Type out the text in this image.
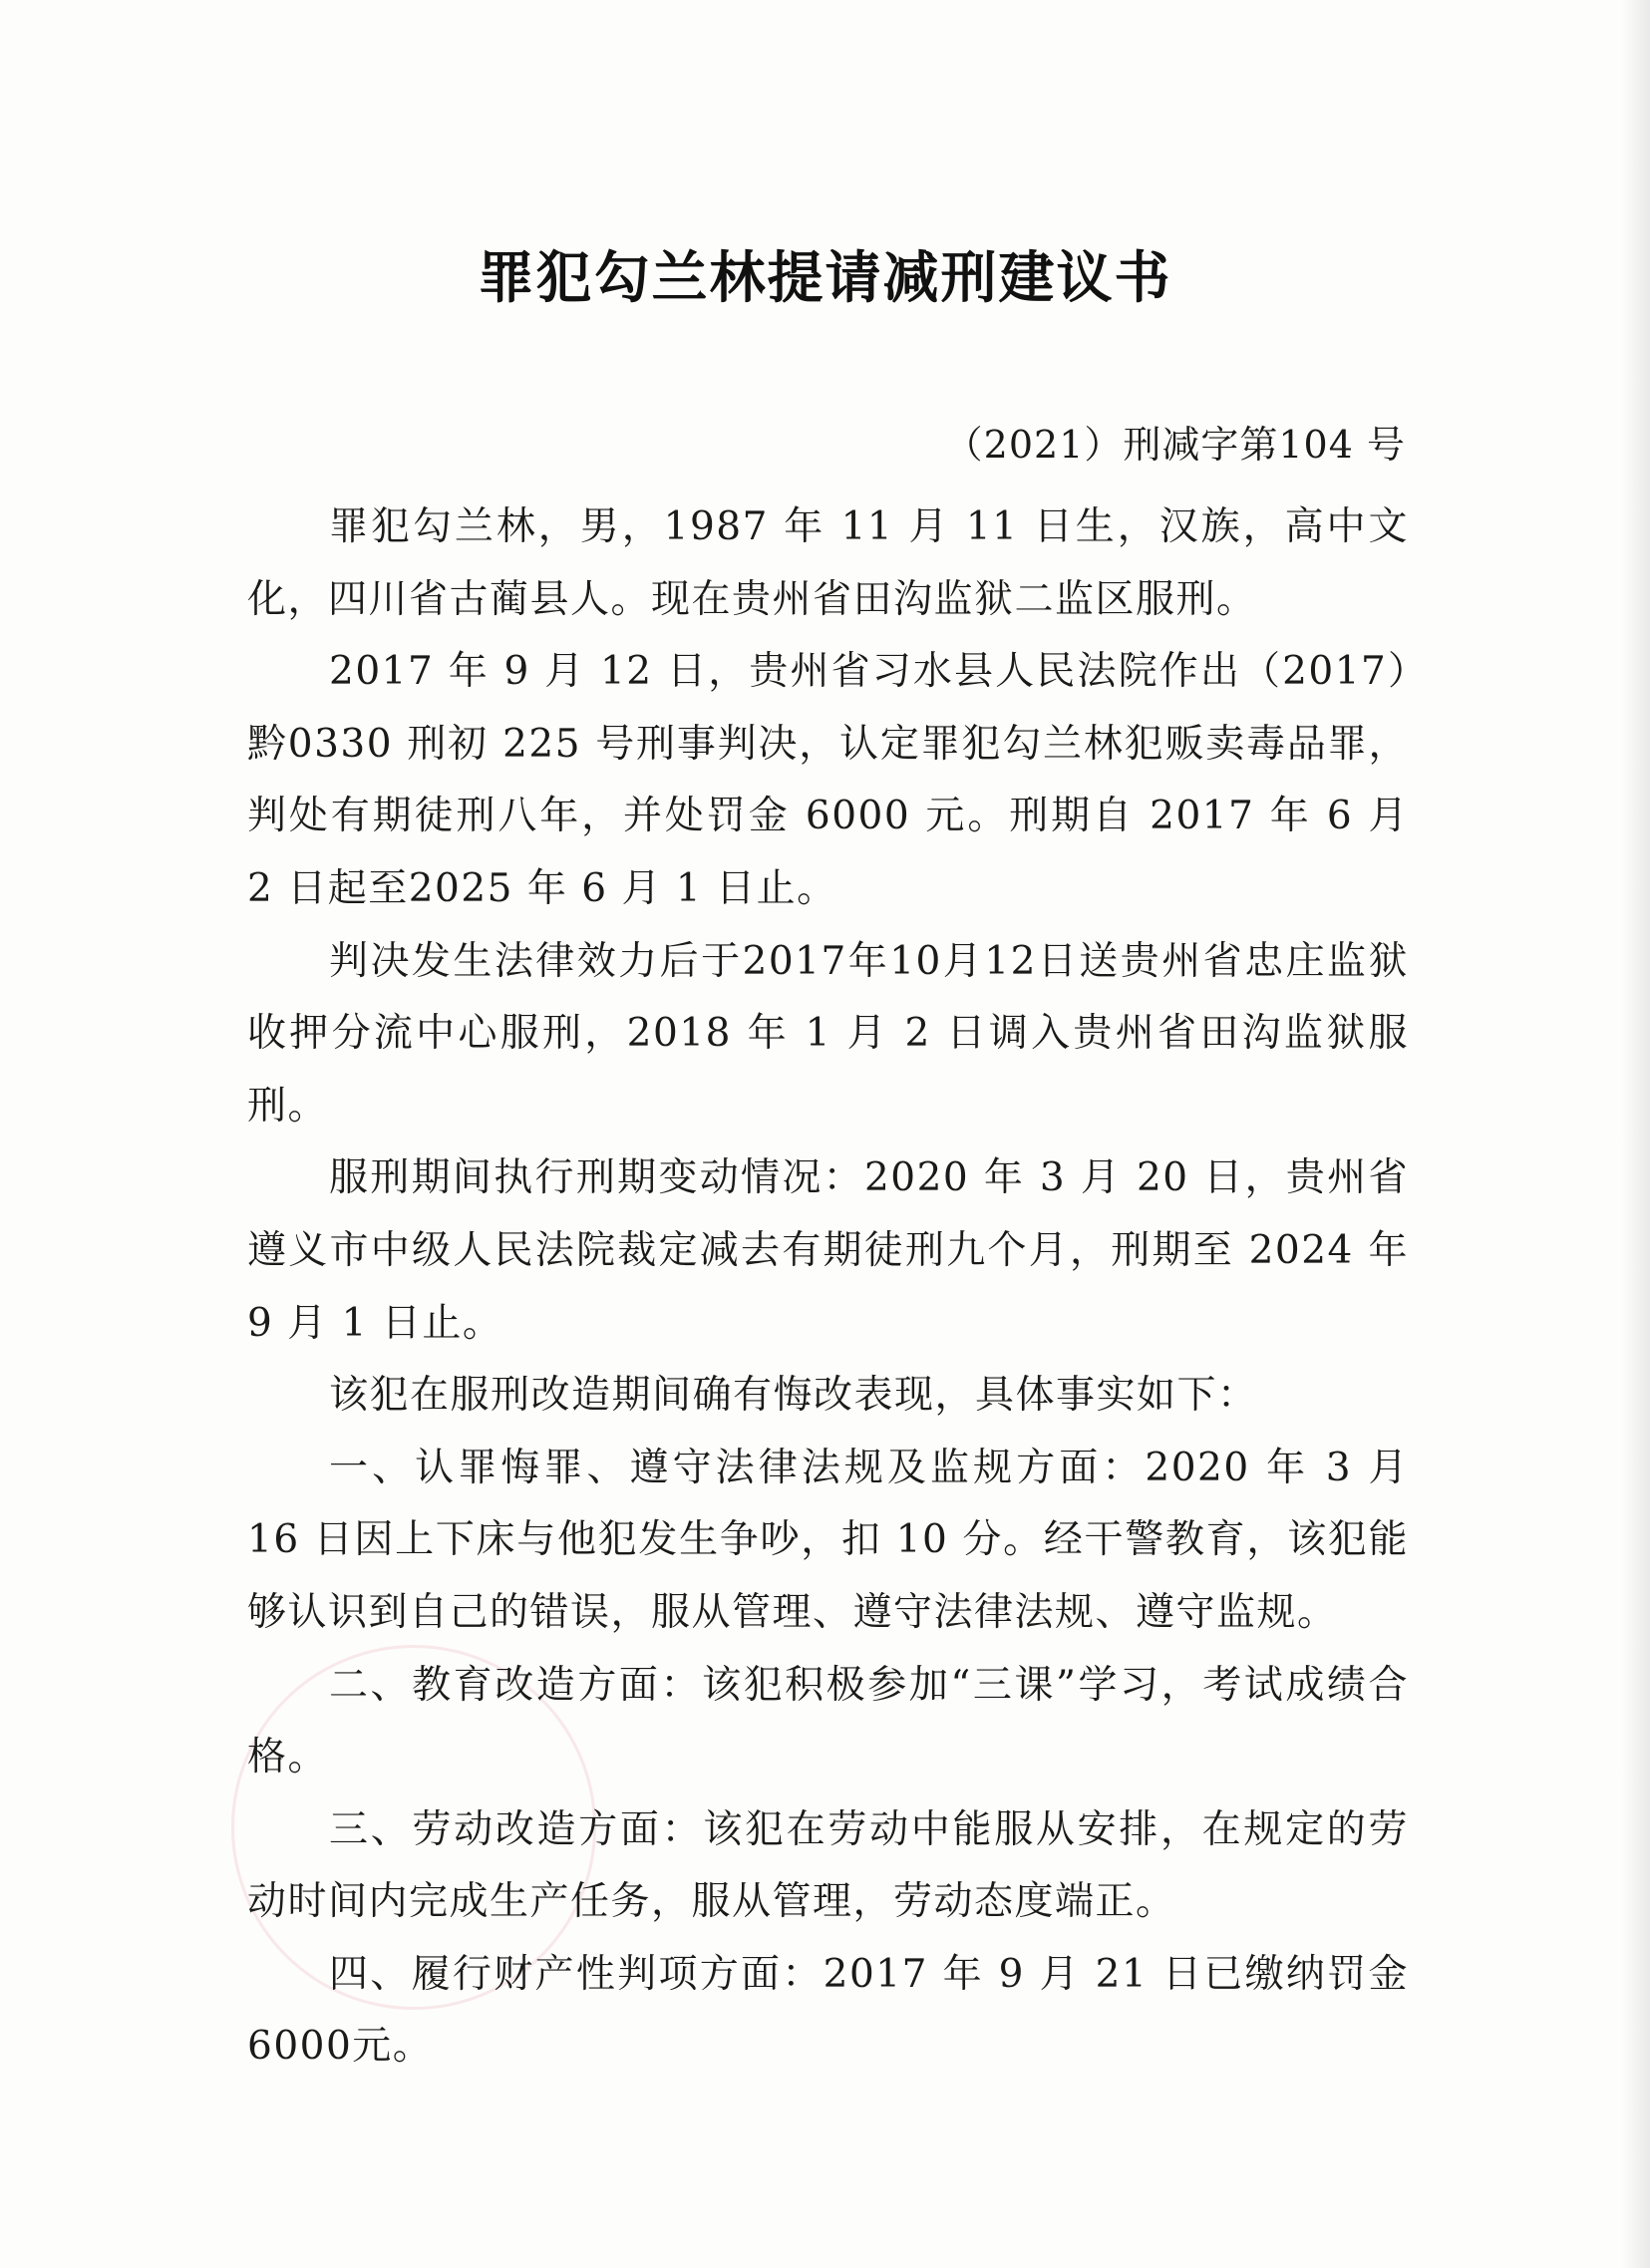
罪犯勾兰林提请减刑建议书
（2021）刑减字第104 号

罪犯勾兰林，男，1987 年 11 月 11 日生，汉族，高中文化，四川省古蔺县人。现在贵州省田沟监狱二监区服刑。

2017 年 9 月 12 日，贵州省习水县人民法院作出（2017）黔0330 刑初 225 号刑事判决，认定罪犯勾兰林犯贩卖毒品罪，判处有期徒刑八年，并处罚金 6000 元。刑期自 2017 年 6 月 2 日起至2025 年 6 月 1 日止。

判决发生法律效力后于2017年10月12日送贵州省忠庄监狱收押分流中心服刑，2018 年 1 月 2 日调入贵州省田沟监狱服刑。

服刑期间执行刑期变动情况：2020 年 3 月 20 日，贵州省遵义市中级人民法院裁定减去有期徒刑九个月，刑期至 2024 年 9 月 1 日止。

该犯在服刑改造期间确有悔改表现，具体事实如下：

一、认罪悔罪、遵守法律法规及监规方面：2020 年 3 月 16 日因上下床与他犯发生争吵，扣 10 分。经干警教育，该犯能够认识到自己的错误，服从管理、遵守法律法规、遵守监规。

二、教育改造方面：该犯积极参加“三课”学习，考试成绩合格。

三、劳动改造方面：该犯在劳动中能服从安排，在规定的劳动时间内完成生产任务，服从管理，劳动态度端正。

四、履行财产性判项方面：2017 年 9 月 21 日已缴纳罚金 6000元。
